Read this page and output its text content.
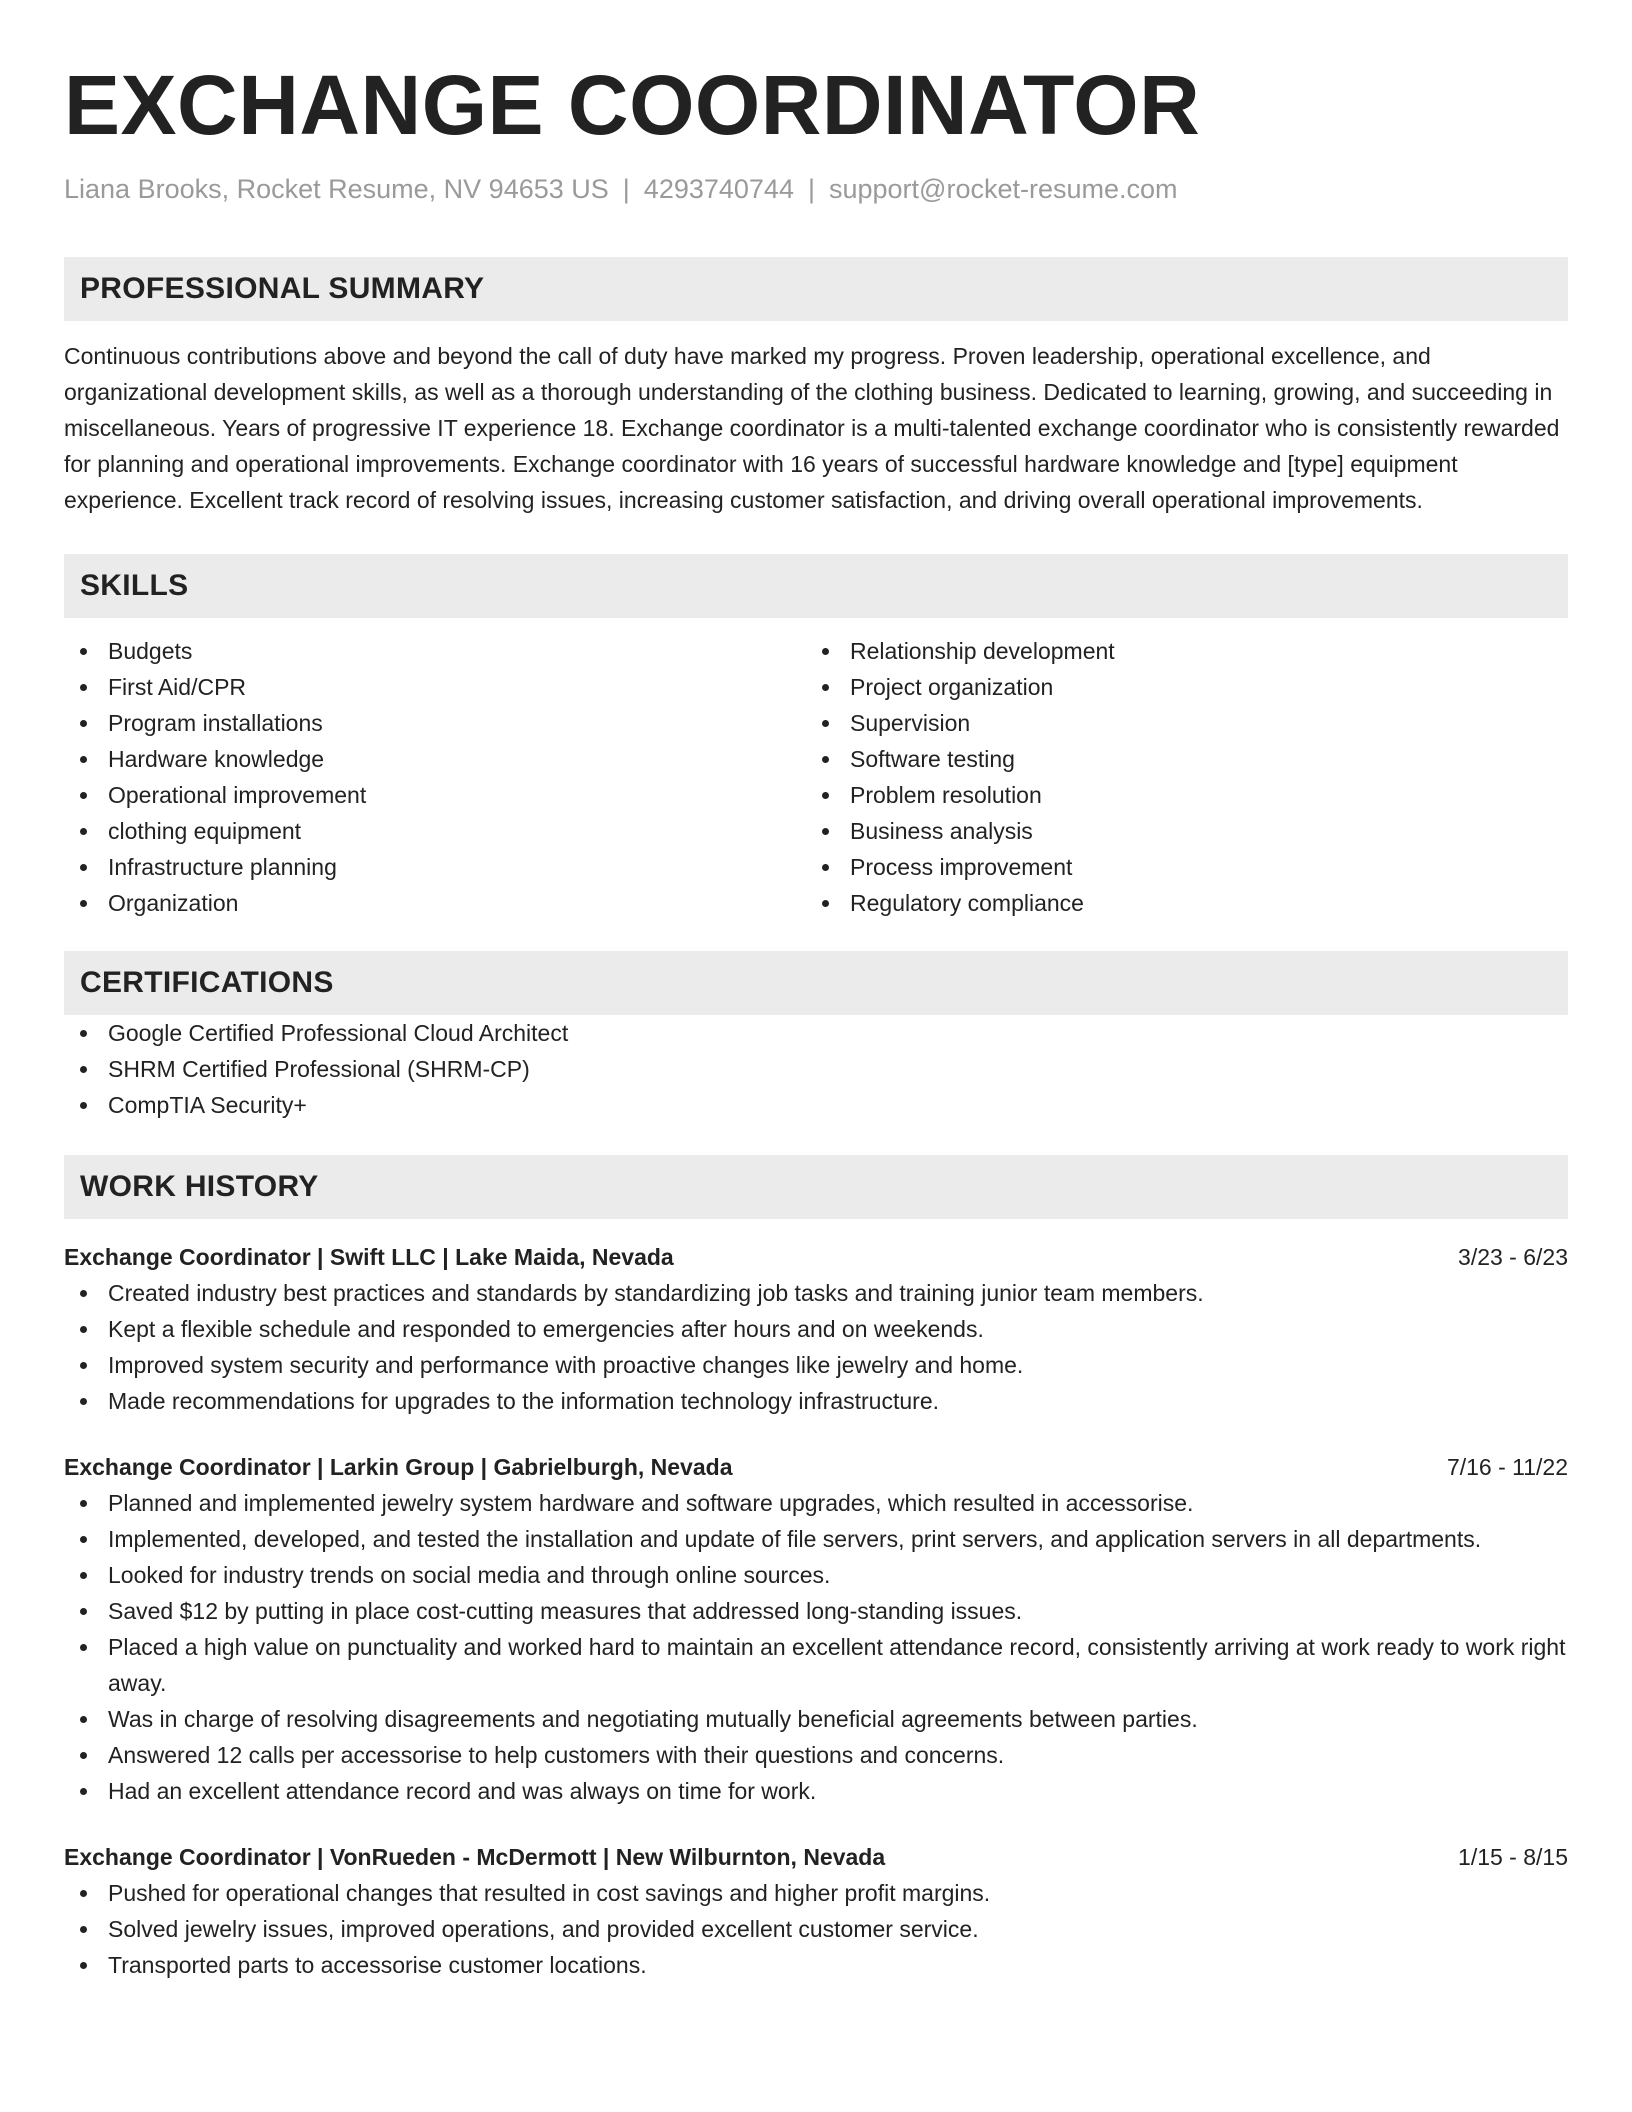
EXCHANGE COORDINATOR
Liana Brooks, Rocket Resume, NV 94653 US | 4293740744 | support@rocket-resume.com
PROFESSIONAL SUMMARY

Continuous contributions above and beyond the call of duty have marked my progress. Proven leadership, operational excellence, and organizational development skills, as well as a thorough understanding of the clothing business. Dedicated to learning, growing, and succeeding in miscellaneous. Years of progressive IT experience 18. Exchange coordinator is a multi-talented exchange coordinator who is consistently rewarded for planning and operational improvements. Exchange coordinator with 16 years of successful hardware knowledge and [type] equipment experience. Excellent track record of resolving issues, increasing customer satisfaction, and driving overall operational improvements.

SKILLS
Budgets
First Aid/CPR
Program installations
Hardware knowledge
Operational improvement
clothing equipment
Infrastructure planning
Organization
Relationship development
Project organization
Supervision
Software testing
Problem resolution
Business analysis
Process improvement
Regulatory compliance
CERTIFICATIONS
Google Certified Professional Cloud Architect
SHRM Certified Professional (SHRM-CP)
CompTIA Security+
WORK HISTORY
Exchange Coordinator | Swift LLC | Lake Maida, Nevada	3/23 - 6/23
Created industry best practices and standards by standardizing job tasks and training junior team members.
Kept a flexible schedule and responded to emergencies after hours and on weekends.
Improved system security and performance with proactive changes like jewelry and home.
Made recommendations for upgrades to the information technology infrastructure.
Exchange Coordinator | Larkin Group | Gabrielburgh, Nevada	7/16 - 11/22
Planned and implemented jewelry system hardware and software upgrades, which resulted in accessorise.
Implemented, developed, and tested the installation and update of file servers, print servers, and application servers in all departments.
Looked for industry trends on social media and through online sources.
Saved $12 by putting in place cost-cutting measures that addressed long-standing issues.
Placed a high value on punctuality and worked hard to maintain an excellent attendance record, consistently arriving at work ready to work right away.
Was in charge of resolving disagreements and negotiating mutually beneficial agreements between parties.
Answered 12 calls per accessorise to help customers with their questions and concerns.
Had an excellent attendance record and was always on time for work.
Exchange Coordinator | VonRueden - McDermott | New Wilburnton, Nevada	1/15 - 8/15
Pushed for operational changes that resulted in cost savings and higher profit margins.
Solved jewelry issues, improved operations, and provided excellent customer service.
Transported parts to accessorise customer locations.
